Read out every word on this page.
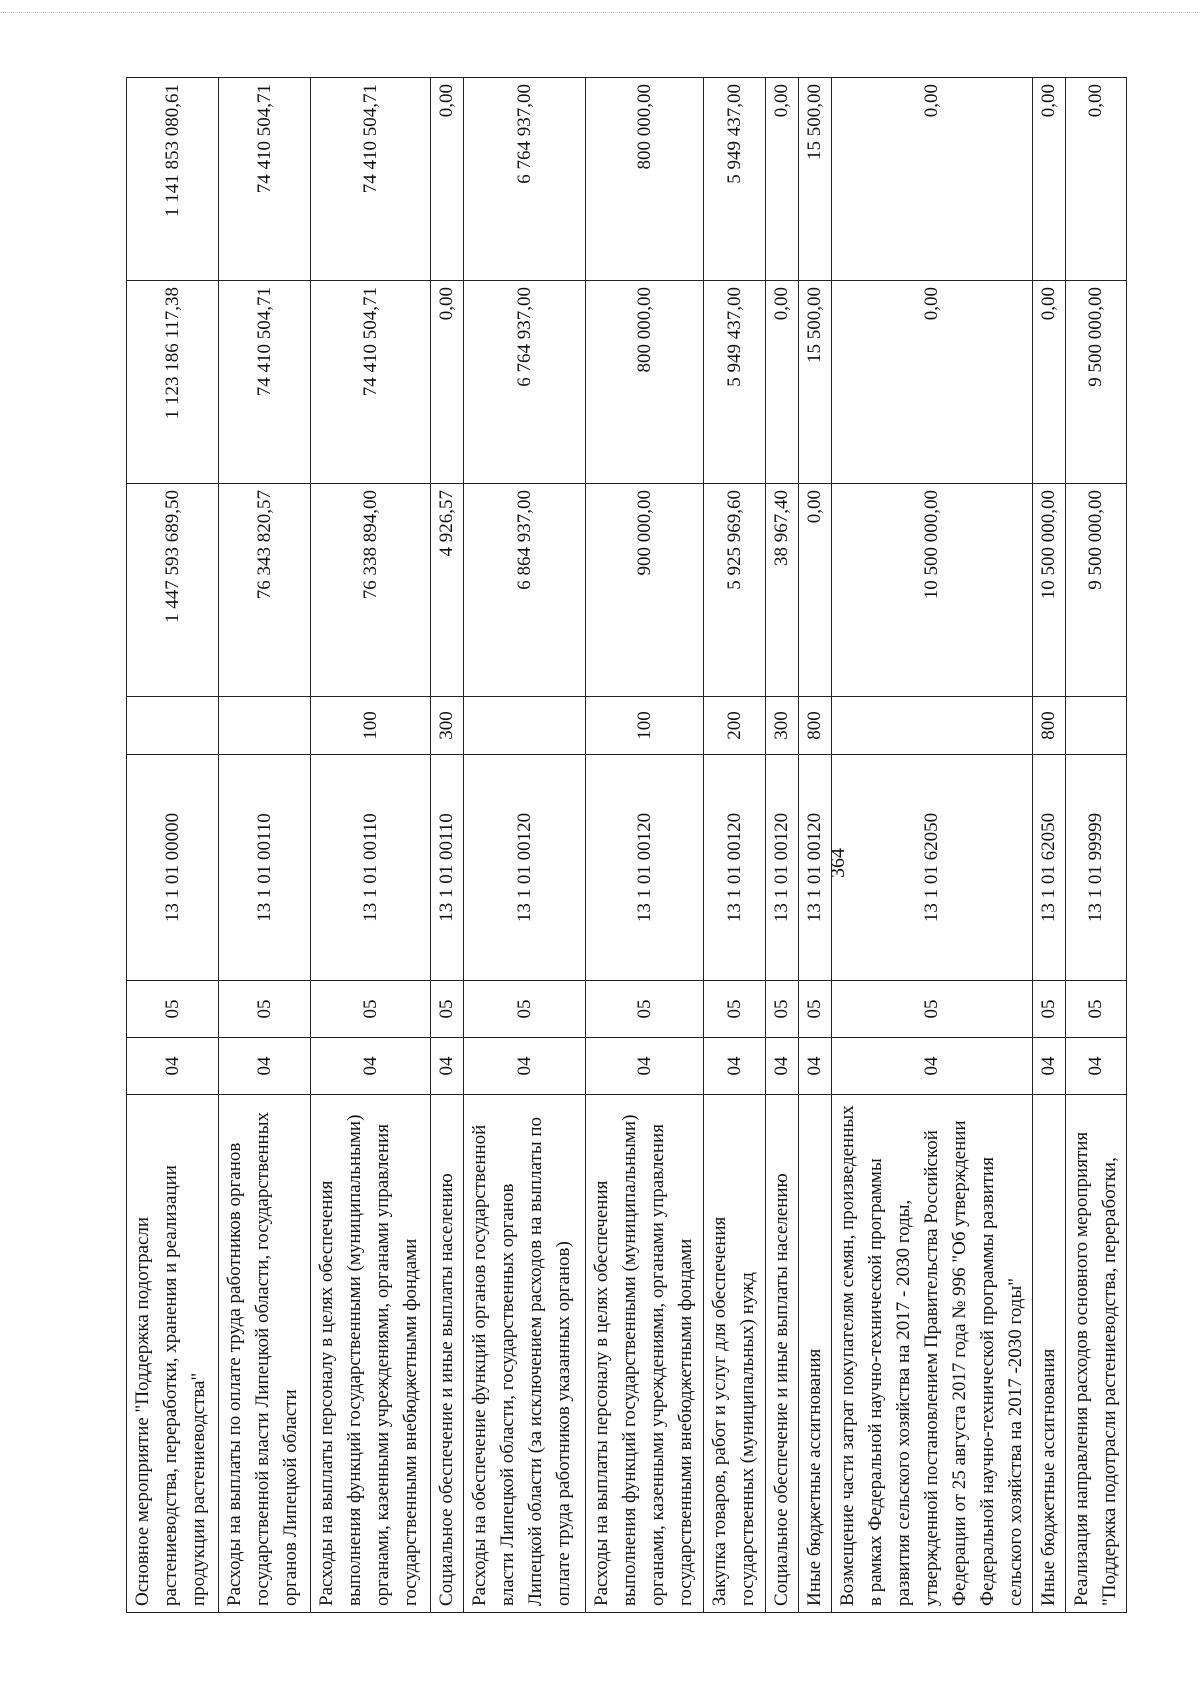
364
Основное мероприятие "Поддержка подотрасли растениеводства, переработки, хранения и реализации продукции растениеводства"	04	05	13 1 01 00000		1 447 593 689,50	1 123 186 117,38	1 141 853 080,61
Расходы на выплаты по оплате труда работников органов государственной власти Липецкой области, государственных органов Липецкой области	04	05	13 1 01 00110		76 343 820,57	74 410 504,71	74 410 504,71
Расходы на выплаты персоналу в целях обеспечения выполнения функций государственными (муниципальными) органами, казенными учреждениями, органами управления государственными внебюджетными фондами	04	05	13 1 01 00110	100	76 338 894,00	74 410 504,71	74 410 504,71
Социальное обеспечение и иные выплаты населению	04	05	13 1 01 00110	300	4 926,57	0,00	0,00
Расходы на обеспечение функций органов государственной власти Липецкой области, государственных органов Липецкой области (за исключением расходов на выплаты по оплате труда работников указанных органов)	04	05	13 1 01 00120		6 864 937,00	6 764 937,00	6 764 937,00
Расходы на выплаты персоналу в целях обеспечения выполнения функций государственными (муниципальными) органами, казенными учреждениями, органами управления государственными внебюджетными фондами	04	05	13 1 01 00120	100	900 000,00	800 000,00	800 000,00
Закупка товаров, работ и услуг для обеспечения государственных (муниципальных) нужд	04	05	13 1 01 00120	200	5 925 969,60	5 949 437,00	5 949 437,00
Социальное обеспечение и иные выплаты населению	04	05	13 1 01 00120	300	38 967,40	0,00	0,00
Иные бюджетные ассигнования	04	05	13 1 01 00120	800	0,00	15 500,00	15 500,00
Возмещение части затрат покупателям семян, произведенных в рамках Федеральной научно-технической программы развития сельского хозяйства на 2017 - 2030 годы, утвержденной постановлением Правительства Российской Федерации от 25 августа 2017 года № 996 "Об утверждении Федеральной научно-технической программы развития сельского хозяйства на 2017 -2030 годы"	04	05	13 1 01 62050		10 500 000,00	0,00	0,00
Иные бюджетные ассигнования	04	05	13 1 01 62050	800	10 500 000,00	0,00	0,00
Реализация направления расходов основного мероприятия "Поддержка подотрасли растениеводства, переработки,	04	05	13 1 01 99999		9 500 000,00	9 500 000,00	0,00
